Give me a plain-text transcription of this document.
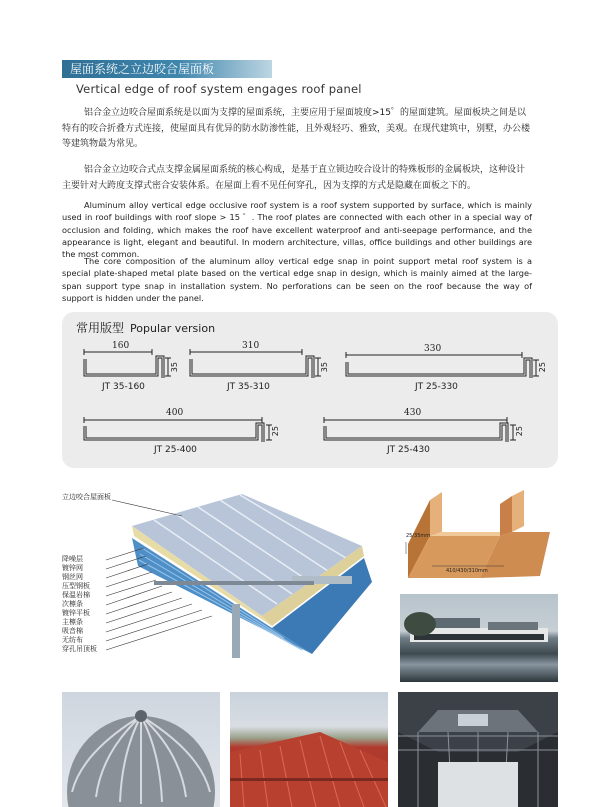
屋面系统之立边咬合屋面板
Vertical edge of roof system engages roof panel

铝合金立边咬合屋面系统是以面为支撑的屋面系统，主要应用于屋面坡度>15゜的屋面建筑。屋面板块之间是以特有的咬合折叠方式连接，使屋面具有优异的防水防渗性能，且外观轻巧、雅致，美观。在现代建筑中，别墅，办公楼等建筑物最为常见。

铝合金立边咬合式点支撑金属屋面系统的核心构成，是基于直立锁边咬合设计的特殊板形的金属板块，这种设计主要针对大跨度支撑式密合安装体系。在屋面上看不见任何穿孔，因为支撑的方式是隐藏在面板之下的。

Aluminum alloy vertical edge occlusive roof system is a roof system supported by surface, which is mainly used in roof buildings with roof slope > 15 ゜. The roof plates are connected with each other in a special way of occlusion and folding, which makes the roof have excellent waterproof and anti-seepage performance, and the appearance is light, elegant and beautiful. In modern architecture, villas, office buildings and other buildings are the most common.

The core composition of the aluminum alloy vertical edge snap in point support metal roof system is a special plate-shaped metal plate based on the vertical edge snap in design, which is mainly aimed at the large-span support type snap in installation system. No perforations can be seen on the roof because the way of support is hidden under the panel.

常用版型 Popular version
160	310	330
400	430
35	35	25
25	25
JT 35-160	JT 35-310	JT 25-330
JT 25-400	JT 25-430
立边咬合屋面板
降噪层
镀锌网
钢丝网
压型钢板
保温岩棉
次檩条
镀锌平板
主檩条
吸音棉
无纺布
穿孔吊顶板
25/35mm
410/430/310mm
